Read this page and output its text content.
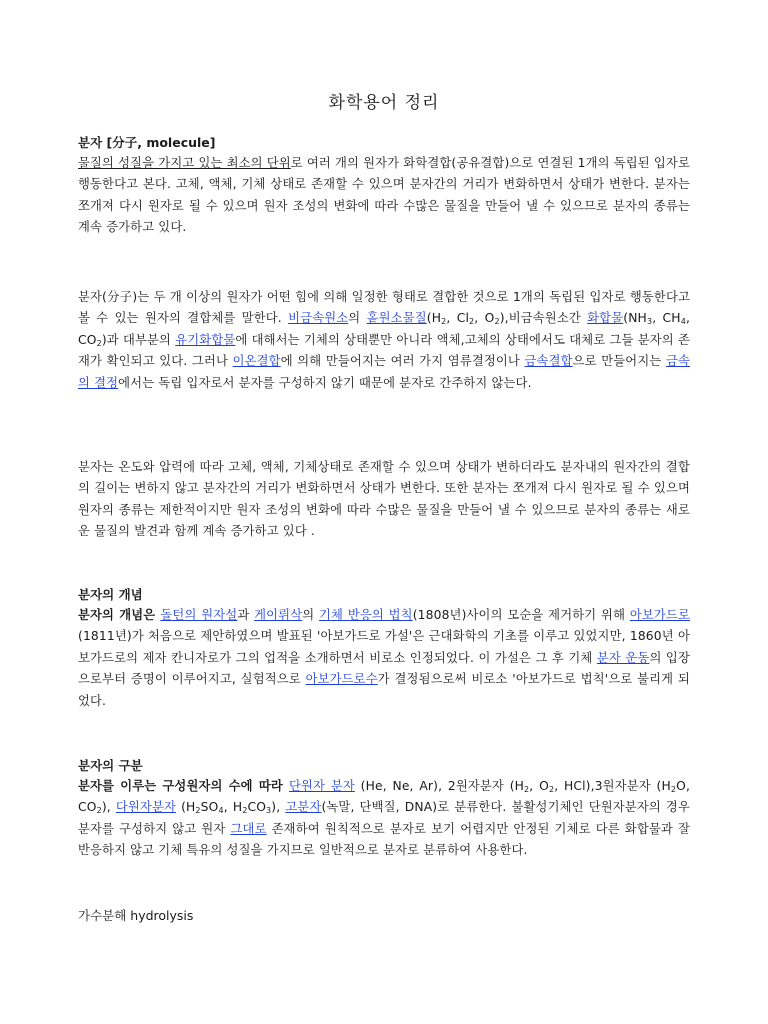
화학용어 정리
분자 [分子, molecule]

물질의 성질을 가지고 있는 최소의 단위로 여러 개의 원자가 화학결합(공유결합)으로 연결된 1개의 독립된 입자로 행동한다고 본다. 고체, 액체, 기체 상태로 존재할 수 있으며 분자간의 거리가 변화하면서 상태가 변한다. 분자는 쪼개져 다시 원자로 될 수 있으며 원자 조성의 변화에 따라 수많은 물질을 만들어 낼 수 있으므로 분자의 종류는 계속 증가하고 있다.

분자(分子)는 두 개 이상의 원자가 어떤 힘에 의해 일정한 형태로 결합한 것으로 1개의 독립된 입자로 행동한다고 볼 수 있는 원자의 결합체를 말한다. 비금속원소의 홑원소물질($H_2$, $Cl_2$, $O_2$),비금속원소간 화합물($NH_3$, $CH_4$, $CO_2$)과 대부분의 유기화합물에 대해서는 기체의 상태뿐만 아니라 액체,고체의 상태에서도 대체로 그들 분자의 존재가 확인되고 있다. 그러나 이온결합에 의해 만들어지는 여러 가지 염류결정이나 금속결합으로 만들어지는 금속의 결정에서는 독립 입자로서 분자를 구성하지 않기 때문에 분자로 간주하지 않는다.

분자는 온도와 압력에 따라 고체, 액체, 기체상태로 존재할 수 있으며 상태가 변하더라도 분자내의 원자간의 결합의 길이는 변하지 않고 분자간의 거리가 변화하면서 상태가 변한다. 또한 분자는 쪼개져 다시 원자로 될 수 있으며 원자의 종류는 제한적이지만 원자 조성의 변화에 따라 수많은 물질을 만들어 낼 수 있으므로 분자의 종류는 새로운 물질의 발견과 함께 계속 증가하고 있다 .

분자의 개념

분자의 개념은 돌턴의 원자설과 게이뤼삭의 기체 반응의 법칙(1808년)사이의 모순을 제거하기 위해 아보가드로(1811년)가 처음으로 제안하였으며 발표된 '아보가드로 가설'은 근대화학의 기초를 이루고 있었지만, 1860년 아보가드로의 제자 칸니자로가 그의 업적을 소개하면서 비로소 인정되었다. 이 가설은 그 후 기체 분자 운동의 입장으로부터 증명이 이루어지고, 실험적으로 아보가드로수가 결정됨으로써 비로소 '아보가드로 법칙'으로 불리게 되었다.

분자의 구분

분자를 이루는 구성원자의 수에 따라 단원자 분자 (He, Ne, Ar), 2원자분자 ($H_2$, $O_2$, HCl),3원자분자 ($H_2O$, $CO_2$), 다원자분자 ($H_2SO_4$, $H_2CO_3$), 고분자(녹말, 단백질, DNA)로 분류한다. 불활성기체인 단원자분자의 경우 분자를 구성하지 않고 원자 그대로 존재하여 원칙적으로 분자로 보기 어렵지만 안정된 기체로 다른 화합물과 잘 반응하지 않고 기체 특유의 성질을 가지므로 일반적으로 분자로 분류하여 사용한다.

가수분해 hydrolysis
